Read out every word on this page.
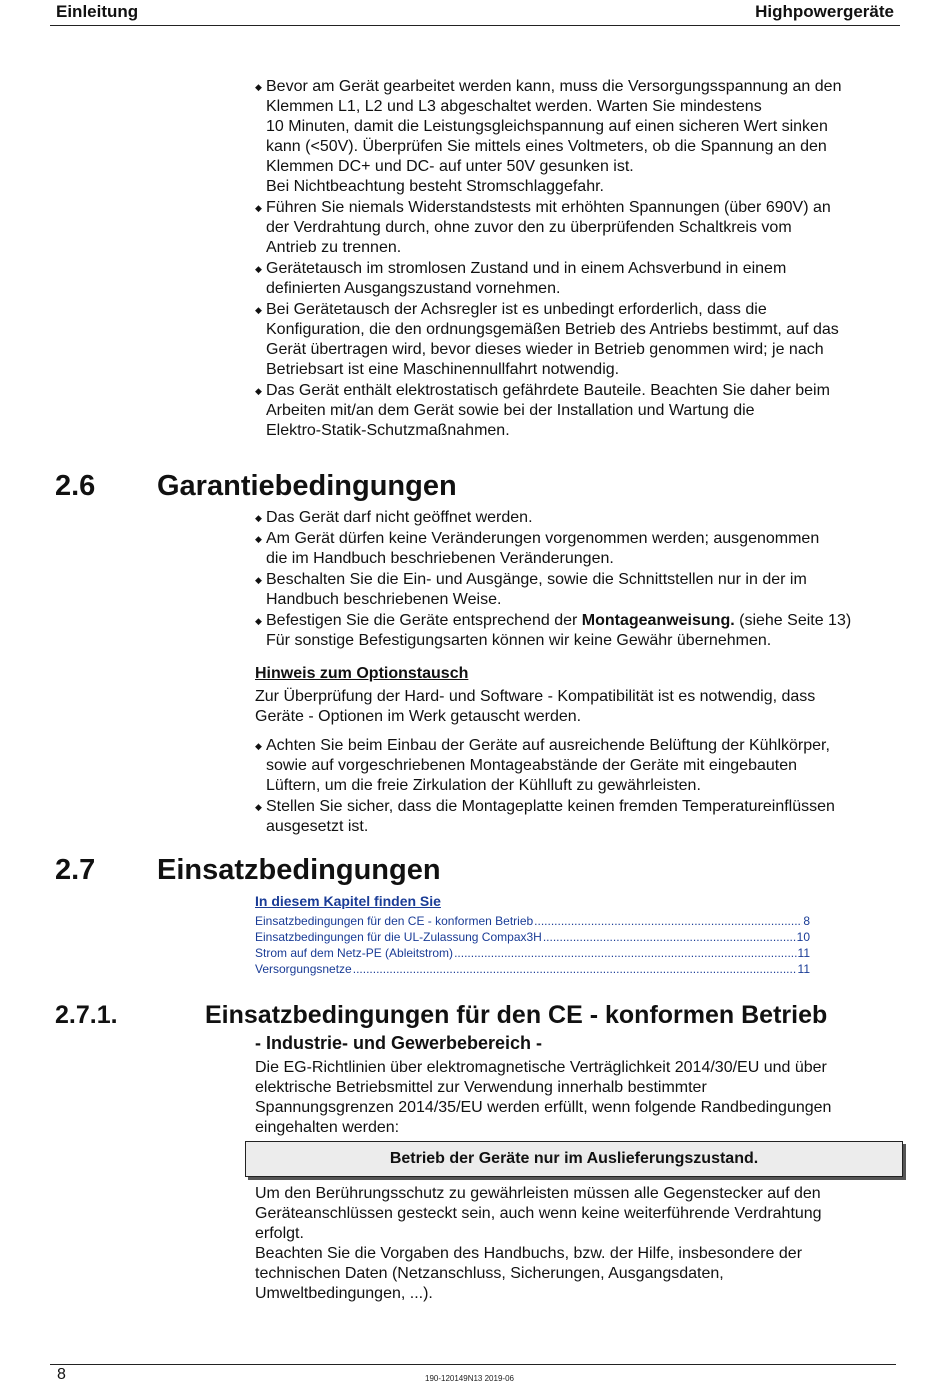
Einleitung	Highpowergeräte
◆ Bevor am Gerät gearbeitet werden kann, muss die Versorgungsspannung an den
Klemmen L1, L2 und L3 abgeschaltet werden. Warten Sie mindestens
10 Minuten, damit die Leistungsgleichspannung auf einen sicheren Wert sinken
kann (<50V). Überprüfen Sie mittels eines Voltmeters, ob die Spannung an den
Klemmen DC+ und DC- auf unter 50V gesunken ist.
Bei Nichtbeachtung besteht Stromschlaggefahr.
◆ Führen Sie niemals Widerstandstests mit erhöhten Spannungen (über 690V) an
der Verdrahtung durch, ohne zuvor den zu überprüfenden Schaltkreis vom
Antrieb zu trennen.
◆ Gerätetausch im stromlosen Zustand und in einem Achsverbund in einem
definierten Ausgangszustand vornehmen.
◆ Bei Gerätetausch der Achsregler ist es unbedingt erforderlich, dass die
Konfiguration, die den ordnungsgemäßen Betrieb des Antriebs bestimmt, auf das
Gerät übertragen wird, bevor dieses wieder in Betrieb genommen wird; je nach
Betriebsart ist eine Maschinennullfahrt notwendig.
◆ Das Gerät enthält elektrostatisch gefährdete Bauteile. Beachten Sie daher beim
Arbeiten mit/an dem Gerät sowie bei der Installation und Wartung die
Elektro-Statik-Schutzmaßnahmen.
2.6 Garantiebedingungen
◆ Das Gerät darf nicht geöffnet werden.
◆ Am Gerät dürfen keine Veränderungen vorgenommen werden; ausgenommen
die im Handbuch beschriebenen Veränderungen.
◆ Beschalten Sie die Ein- und Ausgänge, sowie die Schnittstellen nur in der im
Handbuch beschriebenen Weise.
◆ Befestigen Sie die Geräte entsprechend der Montageanweisung. (siehe Seite 13)
Für sonstige Befestigungsarten können wir keine Gewähr übernehmen.
Hinweis zum Optionstausch
Zur Überprüfung der Hard- und Software - Kompatibilität ist es notwendig, dass
Geräte - Optionen im Werk getauscht werden.
◆ Achten Sie beim Einbau der Geräte auf ausreichende Belüftung der Kühlkörper,
sowie auf vorgeschriebenen Montageabstände der Geräte mit eingebauten
Lüftern, um die freie Zirkulation der Kühlluft zu gewährleisten.
◆ Stellen Sie sicher, dass die Montageplatte keinen fremden Temperatureinflüssen
ausgesetzt ist.
2.7 Einsatzbedingungen
In diesem Kapitel finden Sie
Einsatzbedingungen für den CE - konformen Betrieb .....	8
Einsatzbedingungen für die UL-Zulassung Compax3H .....	10
Strom auf dem Netz-PE (Ableitstrom) .....	11
Versorgungsnetze .....	11
2.7.1.	Einsatzbedingungen für den CE - konformen Betrieb
- Industrie- und Gewerbebereich -
Die EG-Richtlinien über elektromagnetische Verträglichkeit 2014/30/EU und über
elektrische Betriebsmittel zur Verwendung innerhalb bestimmter
Spannungsgrenzen 2014/35/EU werden erfüllt, wenn folgende Randbedingungen
eingehalten werden:
Betrieb der Geräte nur im Auslieferungszustand.
Um den Berührungsschutz zu gewährleisten müssen alle Gegenstecker auf den
Geräteanschlüssen gesteckt sein, auch wenn keine weiterführende Verdrahtung
erfolgt.
Beachten Sie die Vorgaben des Handbuchs, bzw. der Hilfe, insbesondere der
technischen Daten (Netzanschluss, Sicherungen, Ausgangsdaten,
Umweltbedingungen, ...).
8	190-120149N13 2019-06
